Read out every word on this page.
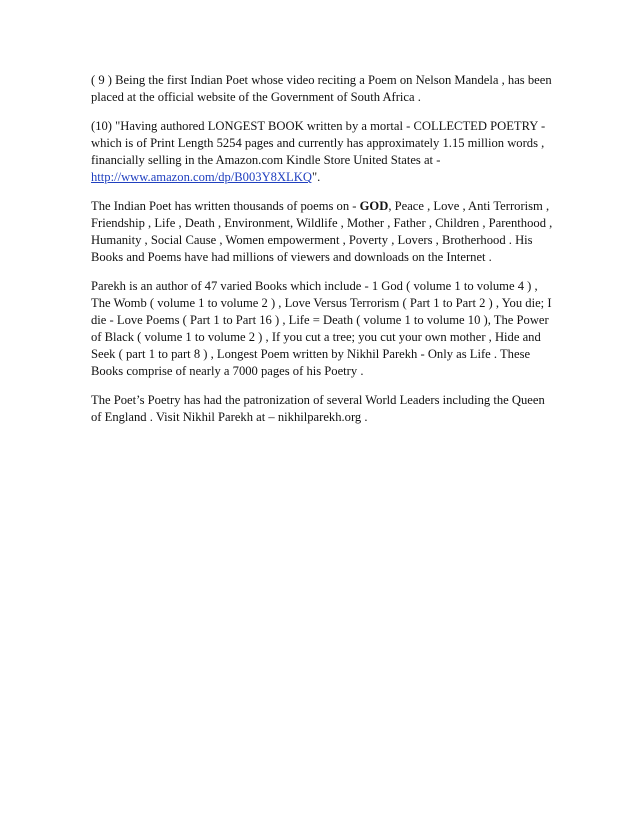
( 9 ) Being the first Indian Poet whose video reciting a Poem on Nelson Mandela , has been placed at the official website of the Government of South Africa .

(10) "Having authored LONGEST BOOK written by a mortal - COLLECTED POETRY - which is of Print Length 5254 pages and currently has approximately 1.15 million words , financially selling in the Amazon.com Kindle Store United States at - http://www.amazon.com/dp/B003Y8XLKQ".

The Indian Poet has written thousands of poems on - GOD, Peace , Love , Anti Terrorism , Friendship , Life , Death , Environment, Wildlife , Mother , Father , Children , Parenthood , Humanity , Social Cause , Women empowerment , Poverty , Lovers , Brotherhood . His Books and Poems have had millions of viewers and downloads on the Internet .

Parekh is an author of 47 varied Books which include - 1 God ( volume 1 to volume 4 ) , The Womb ( volume 1 to volume 2 ) , Love Versus Terrorism ( Part 1 to Part 2 ) , You die; I die - Love Poems ( Part 1 to Part 16 ) , Life = Death ( volume 1 to volume 10 ), The Power of Black ( volume 1 to volume 2 ) , If you cut a tree; you cut your own mother , Hide and Seek ( part 1 to part 8 ) , Longest Poem written by Nikhil Parekh - Only as Life . These Books comprise of nearly a 7000 pages of his Poetry .

The Poet’s Poetry has had the patronization of several World Leaders including the Queen of England . Visit Nikhil Parekh at – nikhilparekh.org .
